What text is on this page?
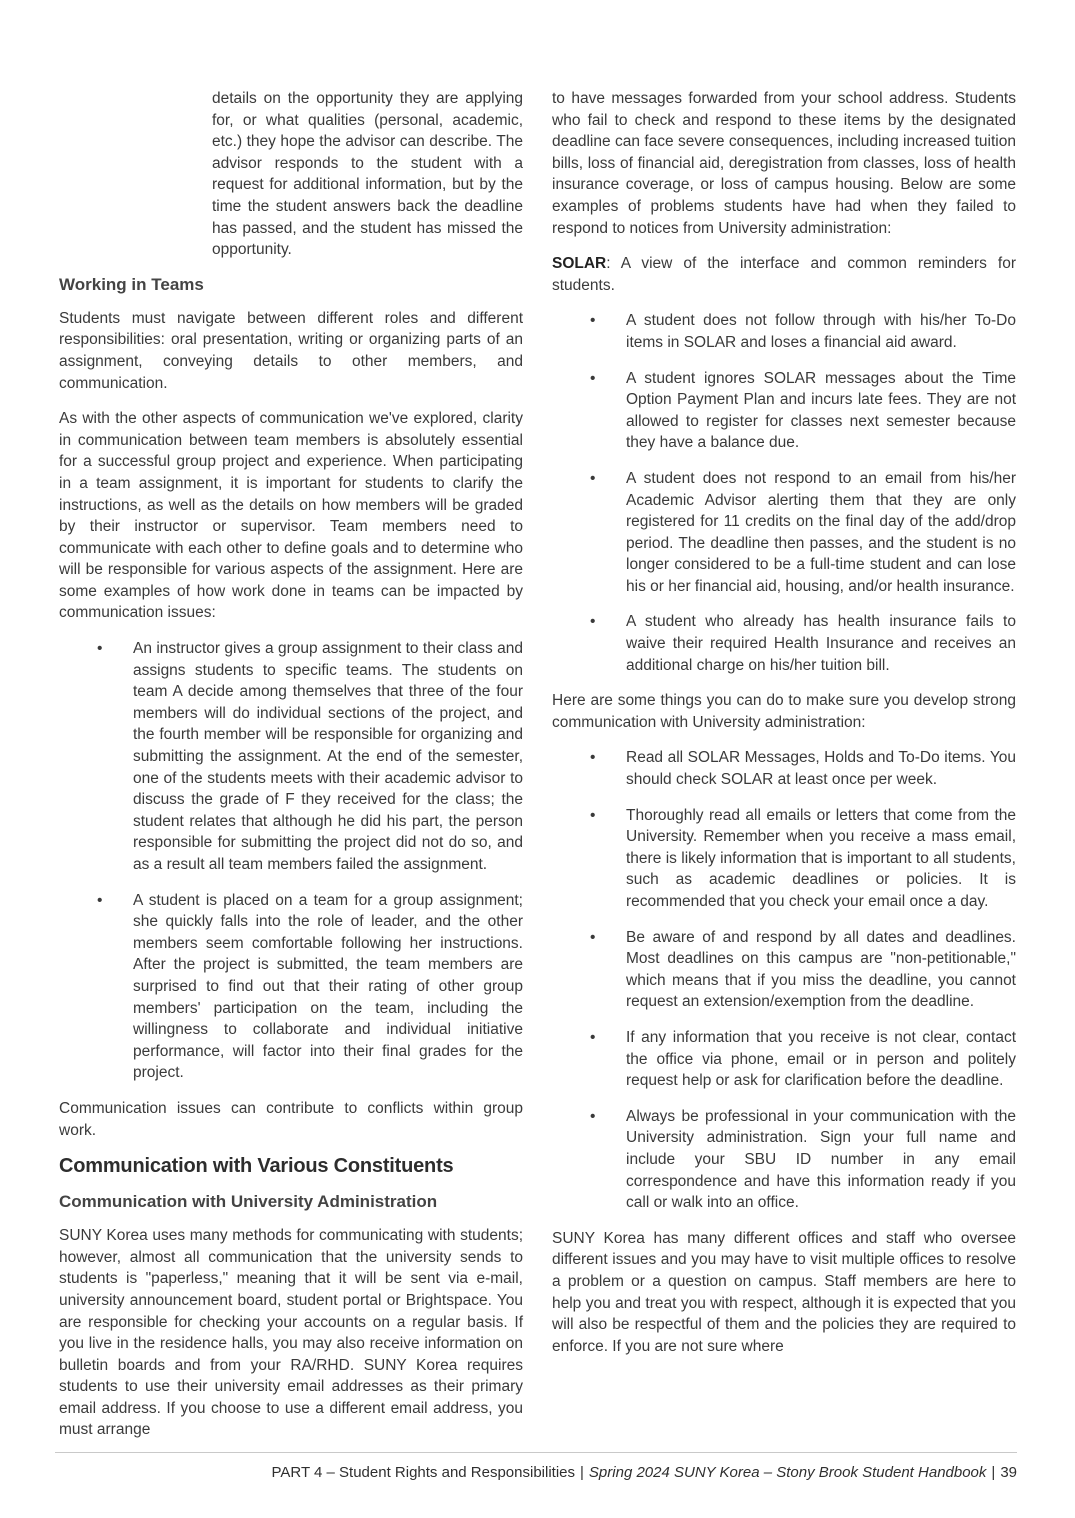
details on the opportunity they are applying for, or what qualities (personal, academic, etc.) they hope the advisor can describe. The advisor responds to the student with a request for additional information, but by the time the student answers back the deadline has passed, and the student has missed the opportunity.

Working in Teams

Students must navigate between different roles and different responsibilities: oral presentation, writing or organizing parts of an assignment, conveying details to other members, and communication.

As with the other aspects of communication we've explored, clarity in communication between team members is absolutely essential for a successful group project and experience. When participating in a team assignment, it is important for students to clarify the instructions, as well as the details on how members will be graded by their instructor or supervisor. Team members need to communicate with each other to define goals and to determine who will be responsible for various aspects of the assignment. Here are some examples of how work done in teams can be impacted by communication issues:

• An instructor gives a group assignment to their class and assigns students to specific teams. The students on team A decide among themselves that three of the four members will do individual sections of the project, and the fourth member will be responsible for organizing and submitting the assignment. At the end of the semester, one of the students meets with their academic advisor to discuss the grade of F they received for the class; the student relates that although he did his part, the person responsible for submitting the project did not do so, and as a result all team members failed the assignment.
• A student is placed on a team for a group assignment; she quickly falls into the role of leader, and the other members seem comfortable following her instructions. After the project is submitted, the team members are surprised to find out that their rating of other group members' participation on the team, including the willingness to collaborate and individual initiative performance, will factor into their final grades for the project.

Communication issues can contribute to conflicts within group work.

Communication with Various Constituents
Communication with University Administration

SUNY Korea uses many methods for communicating with students; however, almost all communication that the university sends to students is "paperless," meaning that it will be sent via e-mail, university announcement board, student portal or Brightspace. You are responsible for checking your accounts on a regular basis. If you live in the residence halls, you may also receive information on bulletin boards and from your RA/RHD. SUNY Korea requires students to use their university email addresses as their primary email address. If you choose to use a different email address, you must arrange

to have messages forwarded from your school address. Students who fail to check and respond to these items by the designated deadline can face severe consequences, including increased tuition bills, loss of financial aid, deregistration from classes, loss of health insurance coverage, or loss of campus housing. Below are some examples of problems students have had when they failed to respond to notices from University administration:

SOLAR: A view of the interface and common reminders for students.

• A student does not follow through with his/her To-Do items in SOLAR and loses a financial aid award.
• A student ignores SOLAR messages about the Time Option Payment Plan and incurs late fees. They are not allowed to register for classes next semester because they have a balance due.
• A student does not respond to an email from his/her Academic Advisor alerting them that they are only registered for 11 credits on the final day of the add/drop period. The deadline then passes, and the student is no longer considered to be a full-time student and can lose his or her financial aid, housing, and/or health insurance.
• A student who already has health insurance fails to waive their required Health Insurance and receives an additional charge on his/her tuition bill.

Here are some things you can do to make sure you develop strong communication with University administration:

• Read all SOLAR Messages, Holds and To-Do items. You should check SOLAR at least once per week.
• Thoroughly read all emails or letters that come from the University. Remember when you receive a mass email, there is likely information that is important to all students, such as academic deadlines or policies. It is recommended that you check your email once a day.
• Be aware of and respond by all dates and deadlines. Most deadlines on this campus are "non-petitionable," which means that if you miss the deadline, you cannot request an extension/exemption from the deadline.
• If any information that you receive is not clear, contact the office via phone, email or in person and politely request help or ask for clarification before the deadline.
• Always be professional in your communication with the University administration. Sign your full name and include your SBU ID number in any email correspondence and have this information ready if you call or walk into an office.

SUNY Korea has many different offices and staff who oversee different issues and you may have to visit multiple offices to resolve a problem or a question on campus. Staff members are here to help you and treat you with respect, although it is expected that you will also be respectful of them and the policies they are required to enforce. If you are not sure where

PART 4 – Student Rights and Responsibilities | Spring 2024 SUNY Korea – Stony Brook Student Handbook | 39
